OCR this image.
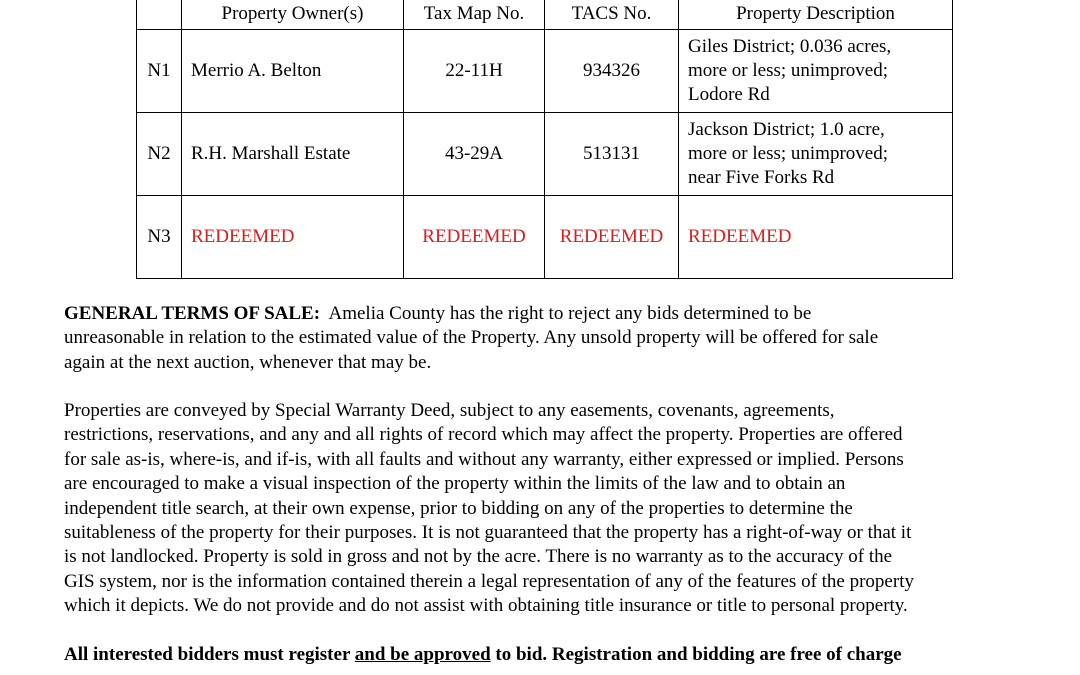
	Property Owner(s)	Tax Map No.	TACS No.	Property Description
N1	Merrio A. Belton	22-11H	934326	Giles District; 0.036 acres,
more or less; unimproved;
Lodore Rd

N2	R.H. Marshall Estate	43-29A	513131	Jackson District; 1.0 acre,
more or less; unimproved;
near Five Forks Rd

N3	REDEEMED	REDEEMED	REDEEMED	REDEEMED
GENERAL TERMS OF SALE: Amelia County has the right to reject any bids determined to be
unreasonable in relation to the estimated value of the Property. Any unsold property will be offered for sale
again at the next auction, whenever that may be.
Properties are conveyed by Special Warranty Deed, subject to any easements, covenants, agreements,
restrictions, reservations, and any and all rights of record which may affect the property. Properties are offered
for sale as-is, where-is, and if-is, with all faults and without any warranty, either expressed or implied. Persons
are encouraged to make a visual inspection of the property within the limits of the law and to obtain an
independent title search, at their own expense, prior to bidding on any of the properties to determine the
suitableness of the property for their purposes. It is not guaranteed that the property has a right-of-way or that it
is not landlocked. Property is sold in gross and not by the acre. There is no warranty as to the accuracy of the
GIS system, nor is the information contained therein a legal representation of any of the features of the property
which it depicts. We do not provide and do not assist with obtaining title insurance or title to personal property.
All interested bidders must register and be approved to bid. Registration and bidding are free of charge
